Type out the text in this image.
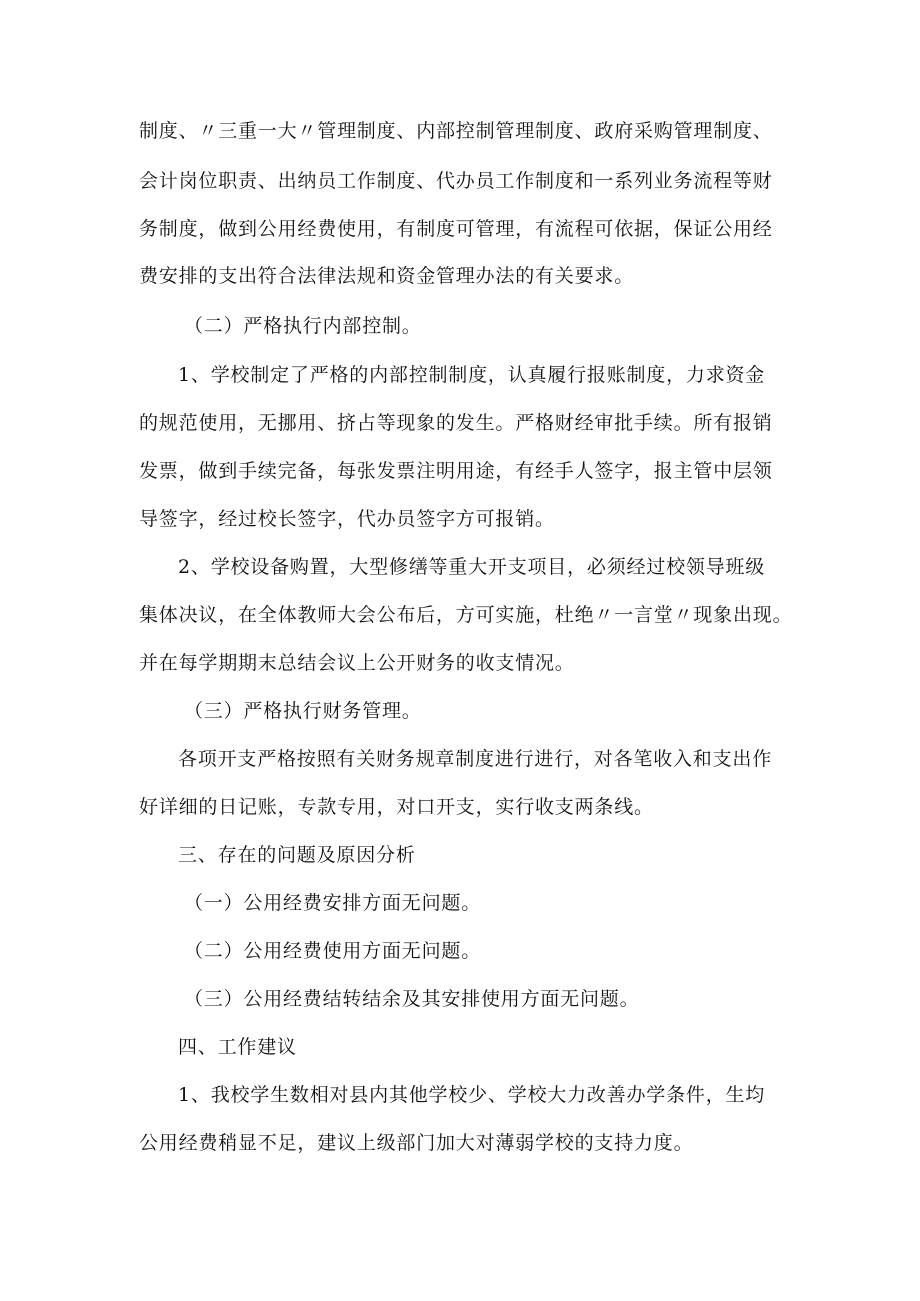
制度、〃三重一大〃管理制度、内部控制管理制度、政府采购管理制度、
会计岗位职责、出纳员工作制度、代办员工作制度和一系列业务流程等财
务制度，做到公用经费使用，有制度可管理，有流程可依据，保证公用经
费安排的支出符合法律法规和资金管理办法的有关要求。
（二）严格执行内部控制。
1、学校制定了严格的内部控制制度，认真履行报账制度，力求资金
的规范使用，无挪用、挤占等现象的发生。严格财经审批手续。所有报销
发票，做到手续完备，每张发票注明用途，有经手人签字，报主管中层领
导签字，经过校长签字，代办员签字方可报销。
2、学校设备购置，大型修缮等重大开支项目，必须经过校领导班级
集体决议，在全体教师大会公布后，方可实施，杜绝〃一言堂〃现象出现。
并在每学期期末总结会议上公开财务的收支情况。
（三）严格执行财务管理。
各项开支严格按照有关财务规章制度进行进行，对各笔收入和支出作
好详细的日记账，专款专用，对口开支，实行收支两条线。
三、存在的问题及原因分析
（一）公用经费安排方面无问题。
（二）公用经费使用方面无问题。
（三）公用经费结转结余及其安排使用方面无问题。
四、工作建议
1、我校学生数相对县内其他学校少、学校大力改善办学条件，生均
公用经费稍显不足，建议上级部门加大对薄弱学校的支持力度。
